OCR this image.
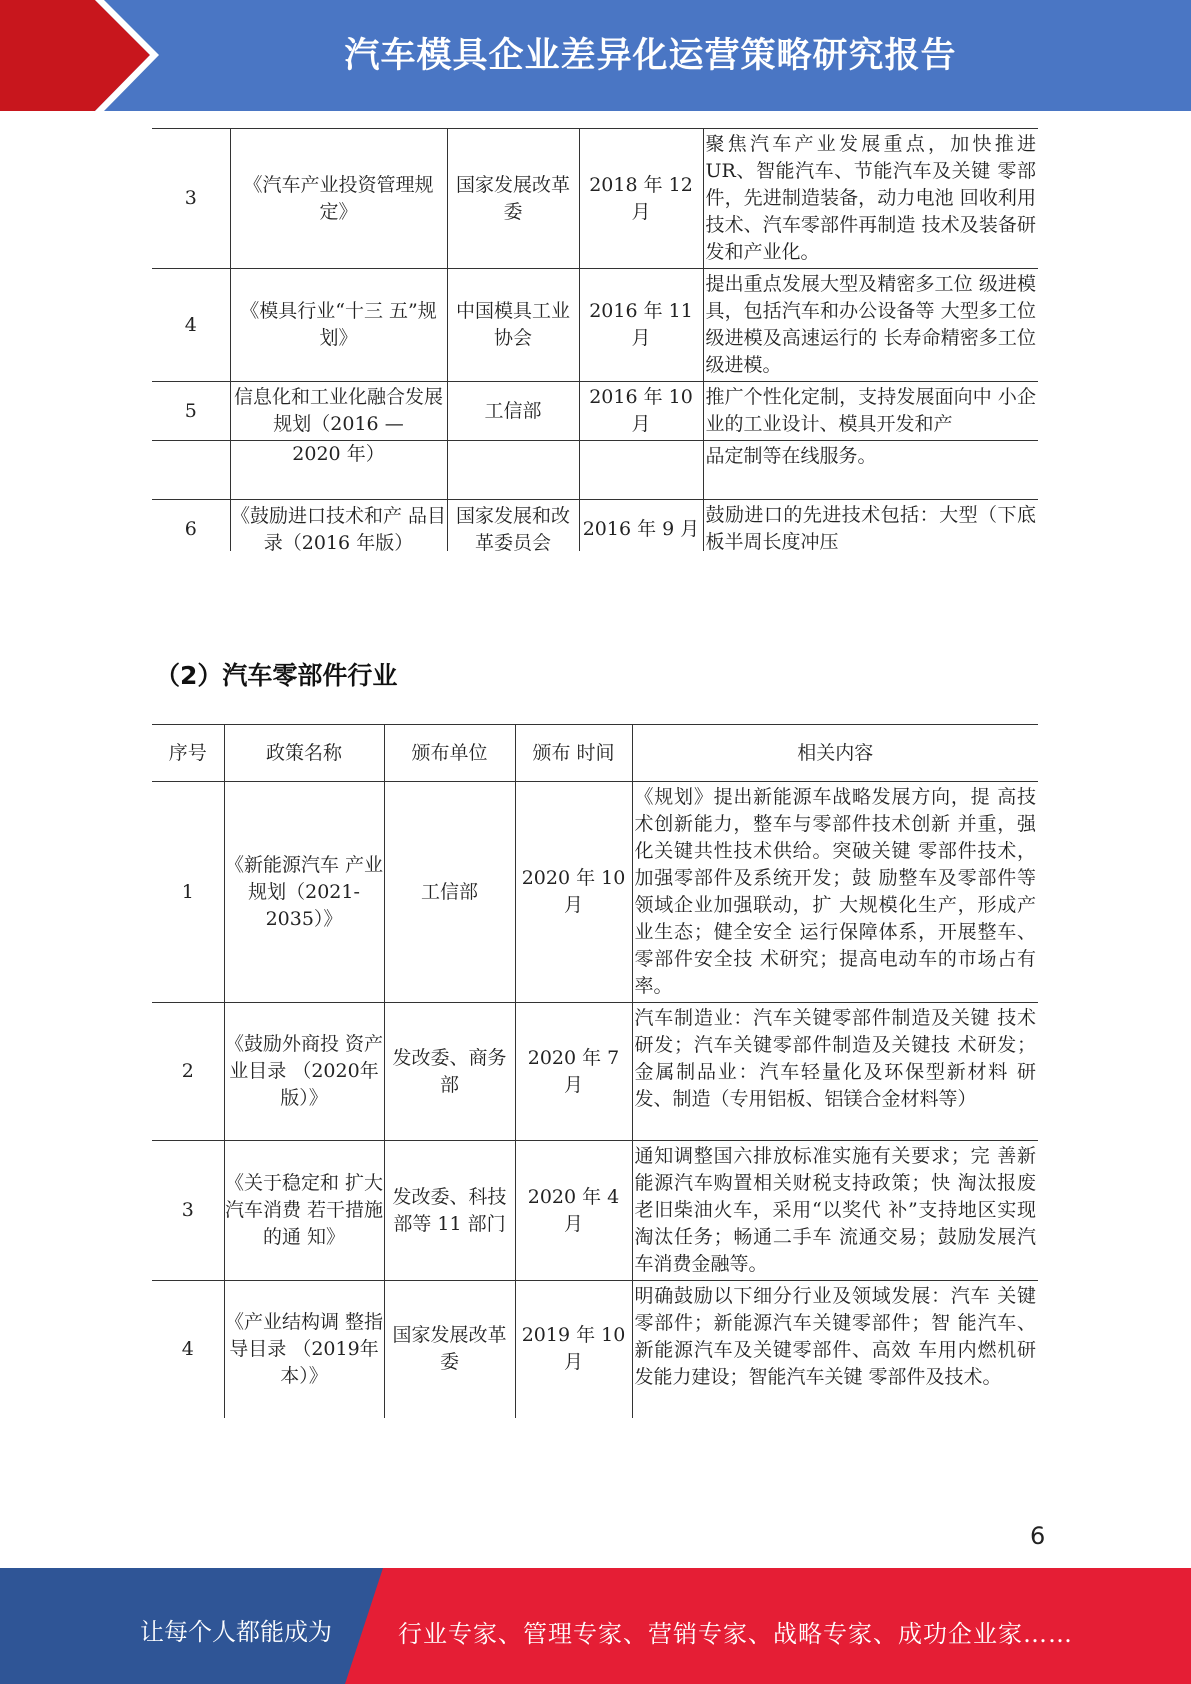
汽车模具企业差异化运营策略研究报告
3	《汽车产业投资管理规定》	国家发展改革委	2018 年 12 月	聚焦汽车产业发展重点，加快推进UR、智能汽车、节能汽车及关键 零部件，先进制造装备，动力电池 回收利用技术、汽车零部件再制造 技术及装备研发和产业化。
4	《模具行业“十三 五”规划》	中国模具工业协会	2016 年 11 月	提出重点发展大型及精密多工位 级进模具，包括汽车和办公设备等 大型多工位级进模及高速运行的 长寿命精密多工位级进模。
5	信息化和工业化融合发展规划（2016 —	工信部	2016 年 10 月	推广个性化定制，支持发展面向中 小企业的工业设计、模具开发和产
	2020 年）			品定制等在线服务。
6	《鼓励进口技术和产 品目录（2016 年版）	国家发展和改革委员会	2016 年 9 月	鼓励进口的先进技术包括：大型（下底板半周长度冲压
（2）汽车零部件行业
序号	政策名称	颁布单位	颁布 时间	相关内容
1	《新能源汽车 产业规划（2021-2035）》	工信部	2020 年 10 月	《规划》提出新能源车战略发展方向，提 高技术创新能力，整车与零部件技术创新 并重，强化关键共性技术供给。突破关键 零部件技术，加强零部件及系统开发；鼓 励整车及零部件等领域企业加强联动，扩 大规模化生产，形成产业生态；健全安全 运行保障体系，开展整车、零部件安全技 术研究；提高电动车的市场占有率。
2	《鼓励外商投 资产业目录 （2020年版）》	发改委、商务部	2020 年 7 月	汽车制造业：汽车关键零部件制造及关键 技术研发；汽车关键零部件制造及关键技 术研发；金属制品业：汽车轻量化及环保型新材料 研发、制造（专用铝板、铝镁合金材料等）
3	《关于稳定和 扩大汽车消费 若干措施的通 知》	发改委、科技部等 11 部门	2020 年 4 月	通知调整国六排放标准实施有关要求；完 善新能源汽车购置相关财税支持政策；快 淘汰报废老旧柴油火车，采用“以奖代 补”支持地区实现淘汰任务；畅通二手车 流通交易；鼓励发展汽车消费金融等。
4	《产业结构调 整指导目录 （2019年本）》	国家发展改革委	2019 年 10 月	明确鼓励以下细分行业及领域发展：汽车 关键零部件；新能源汽车关键零部件；智 能汽车、新能源汽车及关键零部件、高效 车用内燃机研发能力建设；智能汽车关键 零部件及技术。
6
让每个人都能成为	行业专家、管理专家、营销专家、战略专家、成功企业家……
